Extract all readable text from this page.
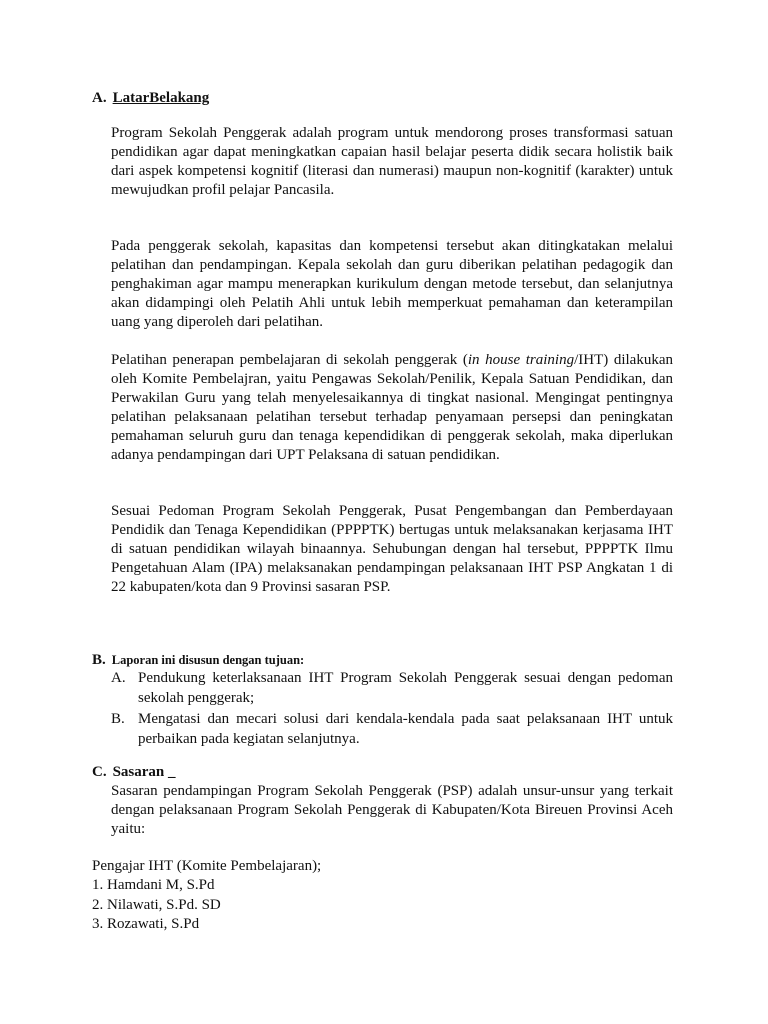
A. LatarBelakang

Program Sekolah Penggerak adalah program untuk mendorong proses transformasi satuan pendidikan agar dapat meningkatkan capaian hasil belajar peserta didik secara holistik baik dari aspek kompetensi kognitif (literasi dan numerasi) maupun non-kognitif (karakter) untuk mewujudkan profil pelajar Pancasila.

Pada penggerak sekolah, kapasitas dan kompetensi tersebut akan ditingkatakan melalui pelatihan dan pendampingan. Kepala sekolah dan guru diberikan pelatihan pedagogik dan penghakiman agar mampu menerapkan kurikulum dengan metode tersebut, dan selanjutnya akan didampingi oleh Pelatih Ahli untuk lebih memperkuat pemahaman dan keterampilan uang yang diperoleh dari pelatihan.

Pelatihan penerapan pembelajaran di sekolah penggerak (in house training/IHT) dilakukan oleh Komite Pembelajran, yaitu Pengawas Sekolah/Penilik, Kepala Satuan Pendidikan, dan Perwakilan Guru yang telah menyelesaikannya di tingkat nasional. Mengingat pentingnya pelatihan pelaksanaan pelatihan tersebut terhadap penyamaan persepsi dan peningkatan pemahaman seluruh guru dan tenaga kependidikan di penggerak sekolah, maka diperlukan adanya pendampingan dari UPT Pelaksana di satuan pendidikan.

Sesuai Pedoman Program Sekolah Penggerak, Pusat Pengembangan dan Pemberdayaan Pendidik dan Tenaga Kependidikan (PPPPTK) bertugas untuk melaksanakan kerjasama IHT di satuan pendidikan wilayah binaannya. Sehubungan dengan hal tersebut, PPPPTK Ilmu Pengetahuan Alam (IPA) melaksanakan pendampingan pelaksanaan IHT PSP Angkatan 1 di 22 kabupaten/kota dan 9 Provinsi sasaran PSP.

B. Laporan ini disusun dengan tujuan:
A. Pendukung keterlaksanaan IHT Program Sekolah Penggerak sesuai dengan pedoman sekolah penggerak;
B. Mengatasi dan mecari solusi dari kendala-kendala pada saat pelaksanaan IHT untuk perbaikan pada kegiatan selanjutnya.
C. Sasaran _

Sasaran pendampingan Program Sekolah Penggerak (PSP) adalah unsur-unsur yang terkait dengan pelaksanaan Program Sekolah Penggerak di Kabupaten/Kota Bireuen Provinsi Aceh yaitu:

Pengajar IHT (Komite Pembelajaran);
1. Hamdani M, S.Pd
2. Nilawati, S.Pd. SD
3. Rozawati, S.Pd
